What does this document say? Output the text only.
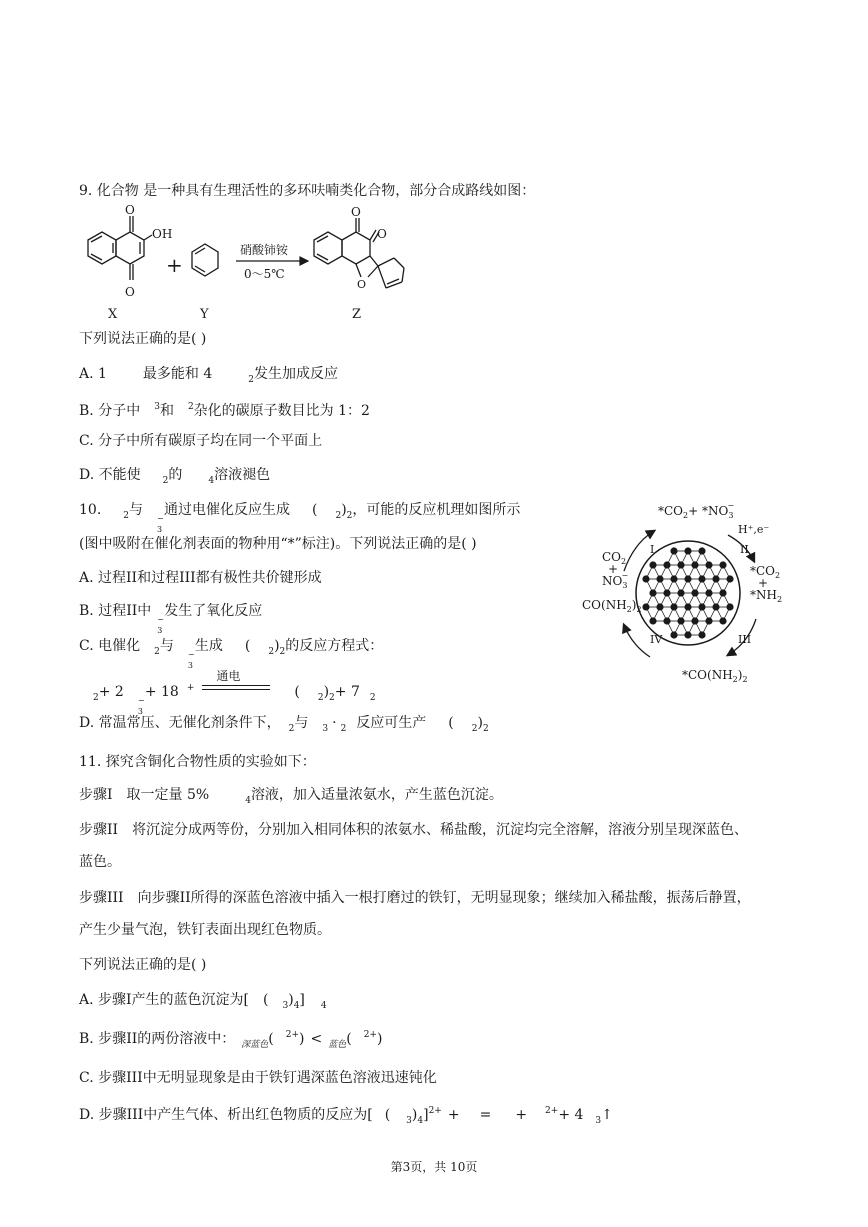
9. 化合物 是一种具有生理活性的多环呋喃类化合物，部分合成路线如图：
O
OH
O
X
+
Y
硝酸铈铵
0～5℃
O
O
O
Z
下列说法正确的是( )
A. 1	最多能和 4	$_2$发生加成反应
B. 分子中 $^3$和 $^2$杂化的碳原子数目比为 1：2
C. 分子中所有碳原子均在同一个平面上
D. 不能使 $_2$的	$_4$溶液褪色
10. $_2$与
−
3
通过电催化反应生成 ( $_2)_2$，可能的反应机理如图所示
(图中吸附在催化剂表面的物种用“*”标注)。下列说法正确的是( )
A. 过程II和过程III都有极性共价键形成
B. 过程II中
−
3
发生了氧化反应
C. 电催化 $_2$与
−
3
生成 ( $_2)_2$的反应方程式：
$_2$+ 2
−
3
+ 18 +
通电
( $_2)_2+ 7$ $_2$
D. 常温常压、无催化剂条件下， $_2$与 $_3$ · $_2$ 反应可生产 ( $_2)_2$
$*CO_2+ *NO_3-$
H⁺,e⁻
II
I
III
IV
$CO_2$
+
$NO_3-$
$CO(NH_2)_2$
$*CO_2$
+
$*NH_2$
$*CO(NH_2)_2$
11. 探究含铜化合物性质的实验如下：
步骤I 取一定量 5%	$_4$溶液，加入适量浓氨水，产生蓝色沉淀。
步骤II 将沉淀分成两等份，分别加入相同体积的浓氨水、稀盐酸，沉淀均完全溶解，溶液分别呈现深蓝色、
蓝色。
步骤III 向步骤II所得的深蓝色溶液中插入一根打磨过的铁钉，无明显现象；继续加入稀盐酸，振荡后静置，
产生少量气泡，铁钉表面出现红色物质。
下列说法正确的是( )
A. 步骤I产生的蓝色沉淀为[ ( $_3)_4$] $_4$
B. 步骤II的两份溶液中： $_{深蓝色}$( $^{2+}$) < $_{蓝色}$( $^{2+}$)
C. 步骤III中无明显现象是由于铁钉遇深蓝色溶液迅速钝化
D. 步骤III中产生气体、析出红色物质的反应为[ ( $_3)_4]^{2+}$ + = + $^{2+}$+ 4 $_3$↑
第3页，共 10页
